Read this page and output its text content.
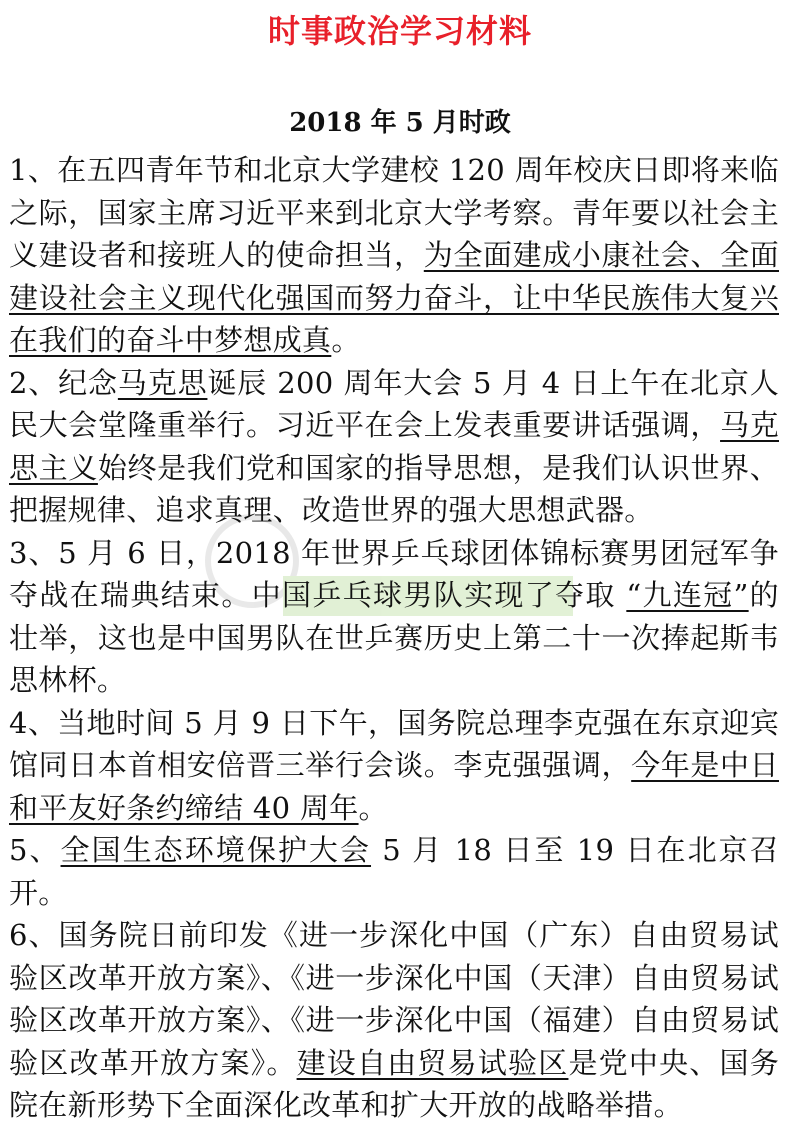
时事政治学习材料
2018 年 5 月时政

1、在五四青年节和北京大学建校 120 周年校庆日即将来临之际，国家主席习近平来到北京大学考察。青年要以社会主义建设者和接班人的使命担当，为全面建成小康社会、全面建设社会主义现代化强国而努力奋斗，让中华民族伟大复兴在我们的奋斗中梦想成真。

2、纪念马克思诞辰 200 周年大会 5 月 4 日上午在北京人民大会堂隆重举行。习近平在会上发表重要讲话强调，马克思主义始终是我们党和国家的指导思想，是我们认识世界、把握规律、追求真理、改造世界的强大思想武器。

3、5 月 6 日，2018 年世界乒乓球团体锦标赛男团冠军争夺战在瑞典结束。中国乒乓球男队实现了夺取 “九连冠”的壮举，这也是中国男队在世乒赛历史上第二十一次捧起斯韦思林杯。

4、当地时间 5 月 9 日下午，国务院总理李克强在东京迎宾馆同日本首相安倍晋三举行会谈。李克强强调，今年是中日和平友好条约缔结 40 周年。

5、全国生态环境保护大会 5 月 18 日至 19 日在北京召开。

6、国务院日前印发《进一步深化中国（广东）自由贸易试验区改革开放方案》、《进一步深化中国（天津）自由贸易试验区改革开放方案》、《进一步深化中国（福建）自由贸易试验区改革开放方案》。建设自由贸易试验区是党中央、国务院在新形势下全面深化改革和扩大开放的战略举措。
